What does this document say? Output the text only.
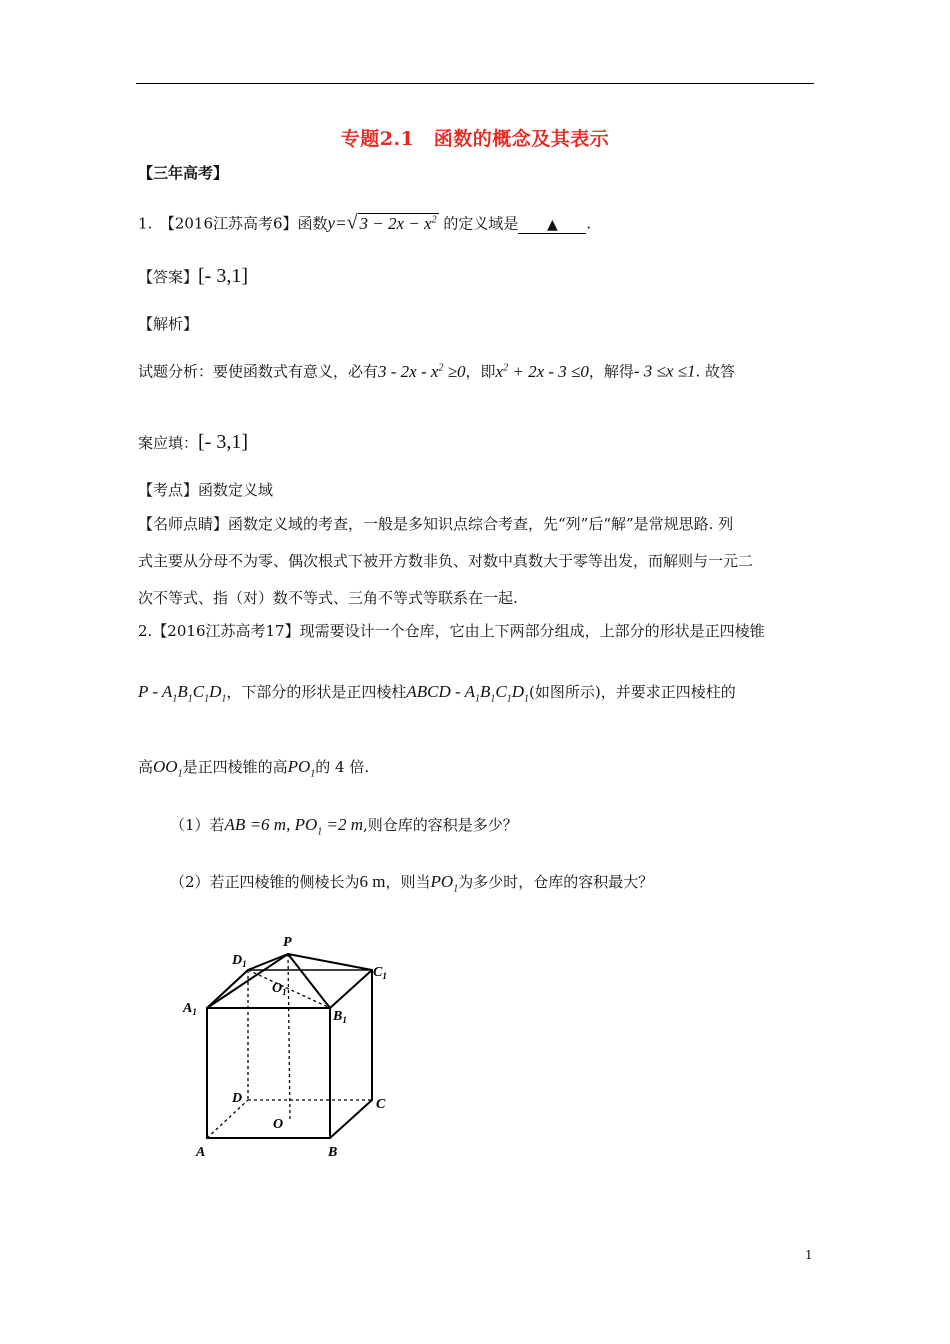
专题2.1　函数的概念及其表示
【三年高考】
1.　【2016江苏高考6】函数y=√ $3 - 2x - x^2$ 的定义域是 ▲ .
【答案】[- 3,1]
【解析】
试题分析：要使函数式有意义，必有$3 - 2x - x^2 \ge 0$，即$x^2 + 2x - 3 \le 0$，解得- 3 ≤x ≤1. 故答
案应填：[- 3,1]
【考点】函数定义域
【名师点睛】函数定义域的考查，一般是多知识点综合考查，先“列”后“解”是常规思路. 列
式主要从分母不为零、偶次根式下被开方数非负、对数中真数大于零等出发，而解则与一元二
次不等式、指（对）数不等式、三角不等式等联系在一起.
2.【2016江苏高考17】现需要设计一个仓库，它由上下两部分组成，上部分的形状是正四棱锥
P - $A_1B_1C_1D_1$，下部分的形状是正四棱柱ABCD - $A_1B_1C_1D_1$(如图所示)，并要求正四棱柱的
高$OO_1$是正四棱锥的高$PO_1$的 4 倍.
（1）若AB =6 m, $PO_1 =2$ m,则仓库的容积是多少？
（2）若正四棱锥的侧棱长为6 m，则当$PO_1$为多少时，仓库的容积最大？
P
$D_1$
$C_1$
$A_1$	$B_1$
$O_1$
D	C
O
A	B
1
